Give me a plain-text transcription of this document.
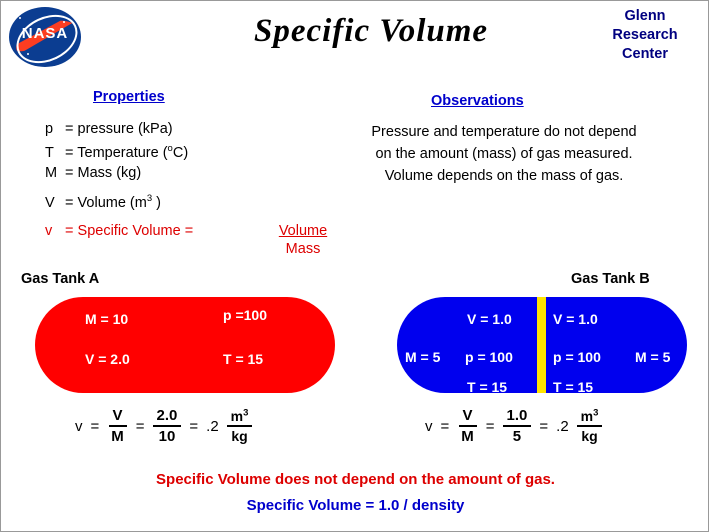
NASA	Specific Volume	Glenn
Research
Center
Properties	Observations
p = pressure (kPa)
T = Temperature ($^o$C)
M = Mass (kg)
V = Volume ($m^3$ )
v = Specific Volume =	Volume
Mass
Pressure and temperature do not depend
on the amount (mass) of gas measured.
Volume depends on the mass of gas.
Gas Tank A	Gas Tank B
M = 10	p =100
V = 2.0	T = 15
V = 1.0
M = 5 p = 100
T = 15
V = 1.0
p = 100 M = 5
T = 15
$v = \frac{V}{M} = \frac{2.0}{10} = .2 \frac{m^3}{kg}$	$v = \frac{V}{M} = \frac{1.0}{5} = .2 \frac{m^3}{kg}$
Specific Volume does not depend on the amount of gas.
Specific Volume = 1.0 / density
